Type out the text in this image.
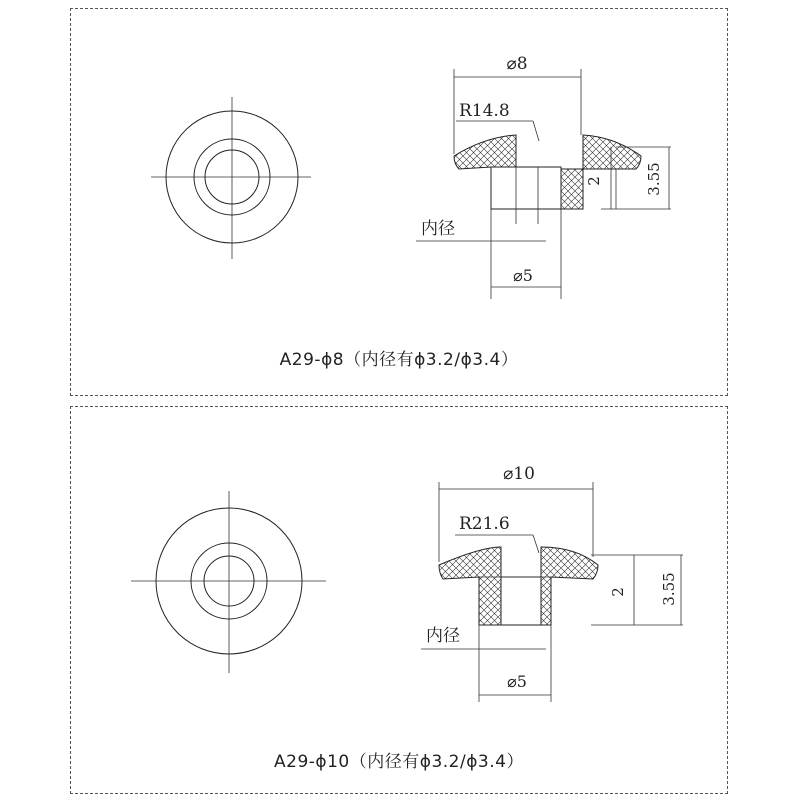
⌀8
R14.8
2	3.55
内径
⌀5
A29-ϕ8（内径有ϕ3.2/ϕ3.4）
⌀10
R21.6
2 3.55
内径
⌀5
A29-ϕ10（内径有ϕ3.2/ϕ3.4）
